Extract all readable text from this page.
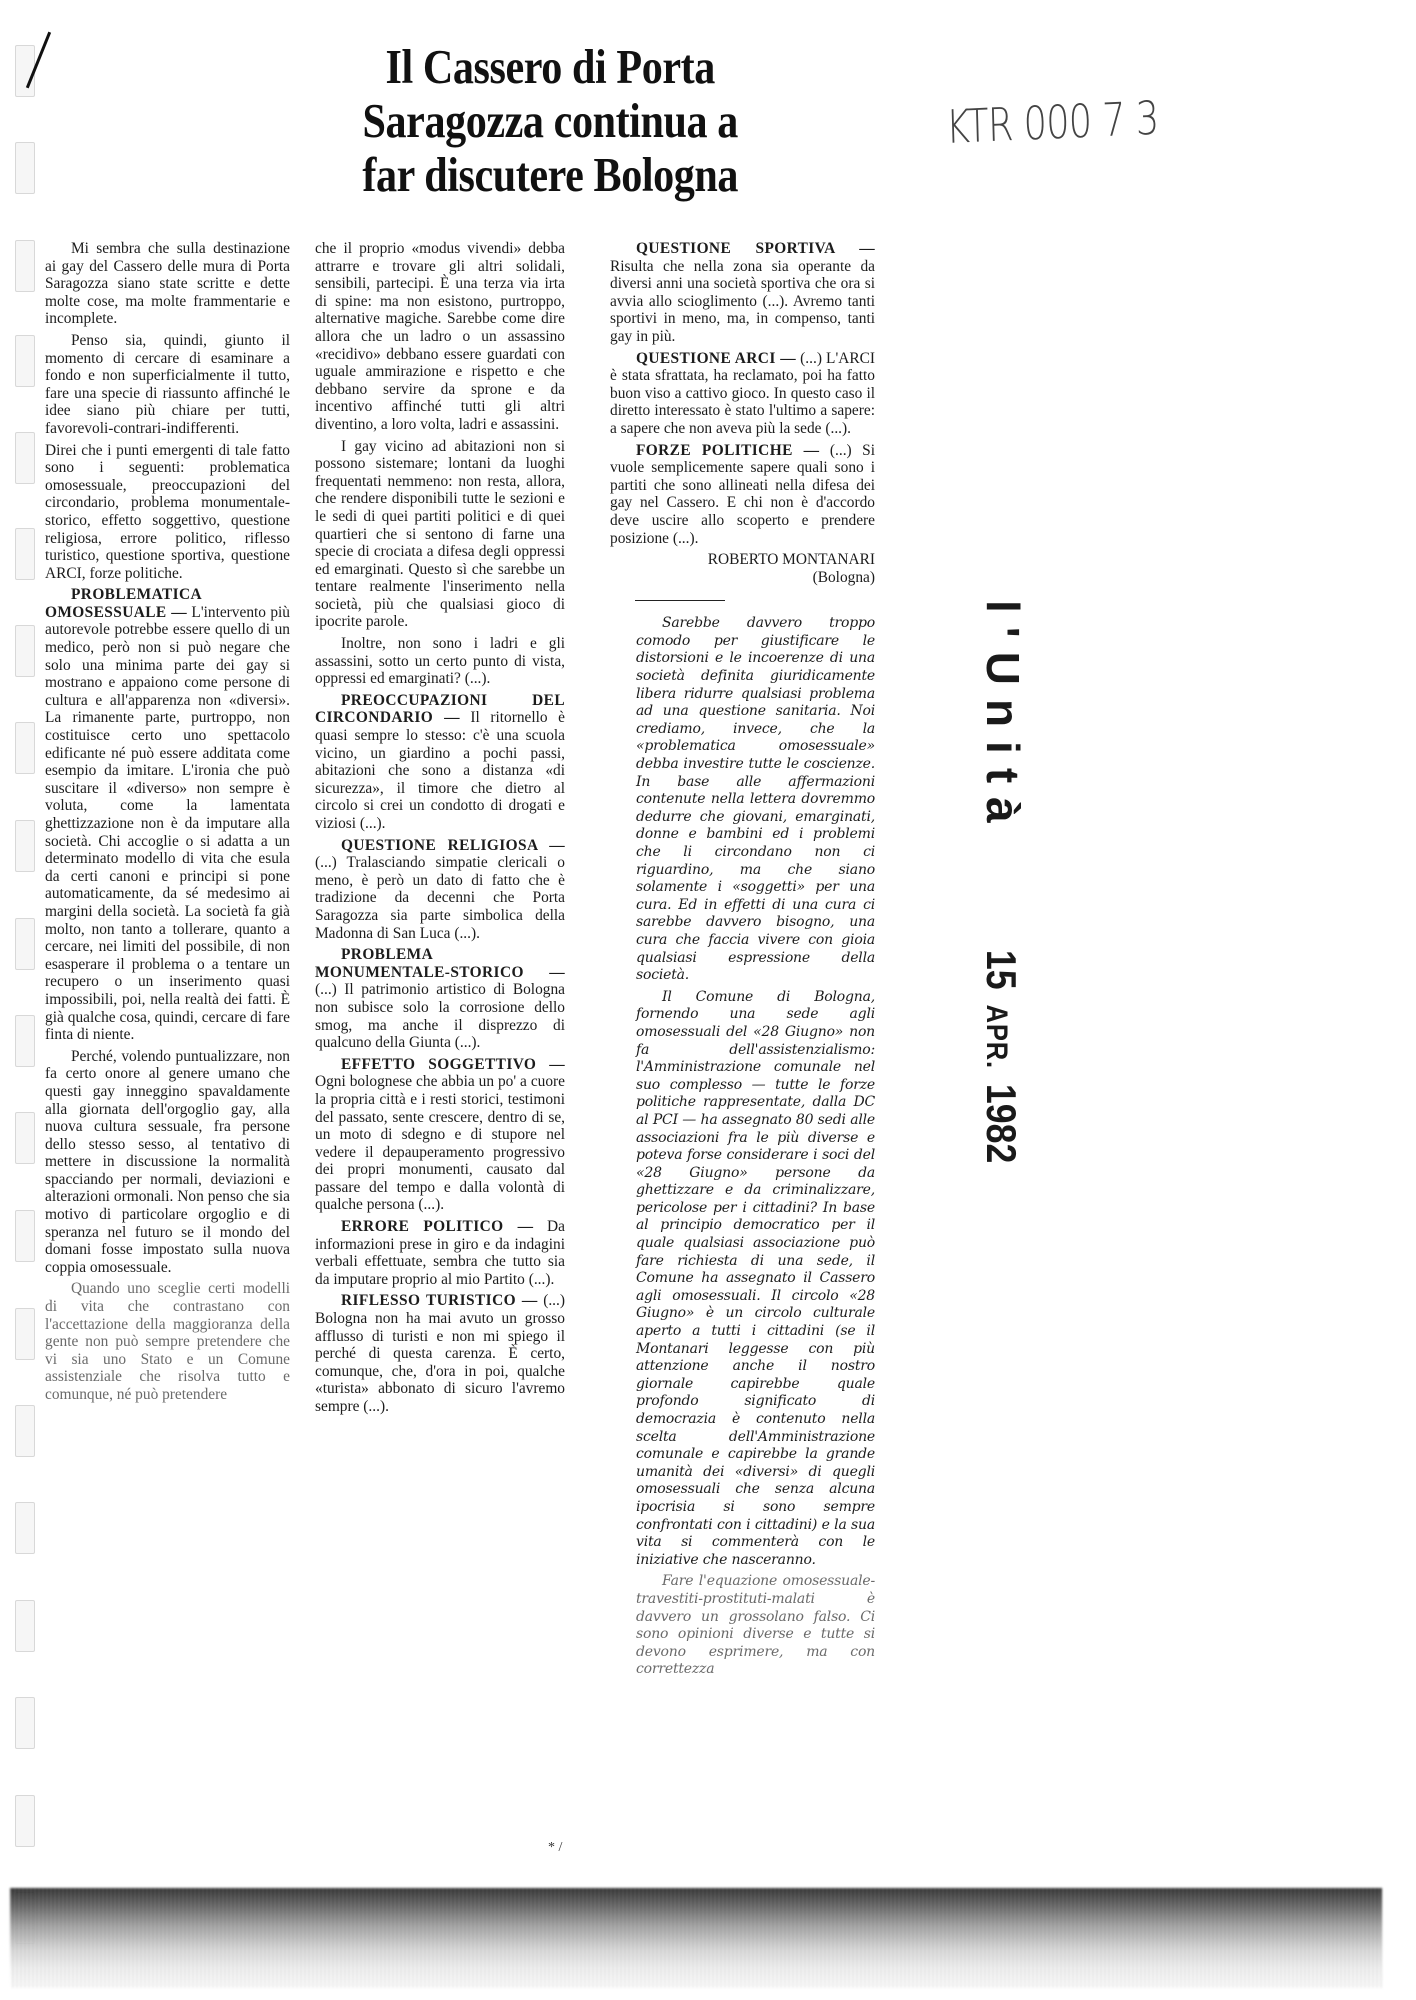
Il Cassero di Porta
Saragozza continua a
far discutere Bologna
KTR 000 7 3

Mi sembra che sulla destinazione ai gay del Cassero delle mura di Porta Saragozza siano state scritte e dette molte cose, ma molte frammentarie e incomplete.

Penso sia, quindi, giunto il momento di cercare di esaminare a fondo e non superficialmente il tutto, fare una specie di riassunto affinché le idee siano più chiare per tutti, favorevoli-contrari-indifferenti.

Direi che i punti emergenti di tale fatto sono i seguenti: problematica omosessuale, preoccupazioni del circondario, problema monumentale-storico, effetto soggettivo, questione religiosa, errore politico, riflesso turistico, questione sportiva, questione ARCI, forze politiche.

PROBLEMATICA OMOSESSUALE — L'intervento più autorevole potrebbe essere quello di un medico, però non si può negare che solo una minima parte dei gay si mostrano e appaiono come persone di cultura e all'apparenza non «diversi». La rimanente parte, purtroppo, non costituisce certo uno spettacolo edificante né può essere additata come esempio da imitare. L'ironia che può suscitare il «diverso» non sempre è voluta, come la lamentata ghettizzazione non è da imputare alla società. Chi accoglie o si adatta a un determinato modello di vita che esula da certi canoni e principi si pone automaticamente, da sé medesimo ai margini della società. La società fa già molto, non tanto a tollerare, quanto a cercare, nei limiti del possibile, di non esasperare il problema o a tentare un recupero o un inserimento quasi impossibili, poi, nella realtà dei fatti. È già qualche cosa, quindi, cercare di fare finta di niente.

Perché, volendo puntualizzare, non fa certo onore al genere umano che questi gay inneggino spavaldamente alla giornata dell'orgoglio gay, alla nuova cultura sessuale, fra persone dello stesso sesso, al tentativo di mettere in discussione la normalità spacciando per normali, deviazioni e alterazioni ormonali. Non penso che sia motivo di particolare orgoglio e di speranza nel futuro se il mondo del domani fosse impostato sulla nuova coppia omosessuale.

Quando uno sceglie certi modelli di vita che contrastano con l'accettazione della maggioranza della gente non può sempre pretendere che vi sia uno Stato e un Comune assistenziale che risolva tutto e comunque, né può pretendere

che il proprio «modus vivendi» debba attrarre e trovare gli altri solidali, sensibili, partecipi. È una terza via irta di spine: ma non esistono, purtroppo, alternative magiche. Sarebbe come dire allora che un ladro o un assassino «recidivo» debbano essere guardati con uguale ammirazione e rispetto e che debbano servire da sprone e da incentivo affinché tutti gli altri diventino, a loro volta, ladri e assassini.

I gay vicino ad abitazioni non si possono sistemare; lontani da luoghi frequentati nemmeno: non resta, allora, che rendere disponibili tutte le sezioni e le sedi di quei partiti politici e di quei quartieri che si sentono di farne una specie di crociata a difesa degli oppressi ed emarginati. Questo sì che sarebbe un tentare realmente l'inserimento nella società, più che qualsiasi gioco di ipocrite parole.

Inoltre, non sono i ladri e gli assassini, sotto un certo punto di vista, oppressi ed emarginati? (...).

PREOCCUPAZIONI DEL CIRCONDARIO — Il ritornello è quasi sempre lo stesso: c'è una scuola vicino, un giardino a pochi passi, abitazioni che sono a distanza «di sicurezza», il timore che dietro al circolo si crei un condotto di drogati e viziosi (...).

QUESTIONE RELIGIOSA — (...) Tralasciando simpatie clericali o meno, è però un dato di fatto che è tradizione da decenni che Porta Saragozza sia parte simbolica della Madonna di San Luca (...).

PROBLEMA MONUMENTALE-STORICO — (...) Il patrimonio artistico di Bologna non subisce solo la corrosione dello smog, ma anche il disprezzo di qualcuno della Giunta (...).

EFFETTO SOGGETTIVO — Ogni bolognese che abbia un po' a cuore la propria città e i resti storici, testimoni del passato, sente crescere, dentro di se, un moto di sdegno e di stupore nel vedere il depauperamento progressivo dei propri monumenti, causato dal passare del tempo e dalla volontà di qualche persona (...).

ERRORE POLITICO — Da informazioni prese in giro e da indagini verbali effettuate, sembra che tutto sia da imputare proprio al mio Partito (...).

RIFLESSO TURISTICO — (...) Bologna non ha mai avuto un grosso afflusso di turisti e non mi spiego il perché di questa carenza. È certo, comunque, che, d'ora in poi, qualche «turista» abbonato di sicuro l'avremo sempre (...).

QUESTIONE SPORTIVA — Risulta che nella zona sia operante da diversi anni una società sportiva che ora si avvia allo scioglimento (...). Avremo tanti sportivi in meno, ma, in compenso, tanti gay in più.

QUESTIONE ARCI — (...) L'ARCI è stata sfrattata, ha reclamato, poi ha fatto buon viso a cattivo gioco. In questo caso il diretto interessato è stato l'ultimo a sapere: a sapere che non aveva più la sede (...).

FORZE POLITICHE — (...) Si vuole semplicemente sapere quali sono i partiti che sono allineati nella difesa dei gay nel Cassero. E chi non è d'accordo deve uscire allo scoperto e prendere posizione (...).

ROBERTO MONTANARI
(Bologna)

Sarebbe davvero troppo comodo per giustificare le distorsioni e le incoerenze di una società definita giuridicamente libera ridurre qualsiasi problema ad una questione sanitaria. Noi crediamo, invece, che la «problematica omosessuale» debba investire tutte le coscienze. In base alle affermazioni contenute nella lettera dovremmo dedurre che giovani, emarginati, donne e bambini ed i problemi che li circondano non ci riguardino, ma che siano solamente i «soggetti» per una cura. Ed in effetti di una cura ci sarebbe davvero bisogno, una cura che faccia vivere con gioia qualsiasi espressione della società.

Il Comune di Bologna, fornendo una sede agli omosessuali del «28 Giugno» non fa dell'assistenzialismo: l'Amministrazione comunale nel suo complesso — tutte le forze politiche rappresentate, dalla DC al PCI — ha assegnato 80 sedi alle associazioni fra le più diverse e poteva forse considerare i soci del «28 Giugno» persone da ghettizzare e da criminalizzare, pericolose per i cittadini? In base al principio democratico per il quale qualsiasi associazione può fare richiesta di una sede, il Comune ha assegnato il Cassero agli omosessuali. Il circolo «28 Giugno» è un circolo culturale aperto a tutti i cittadini (se il Montanari leggesse con più attenzione anche il nostro giornale capirebbe quale profondo significato di democrazia è contenuto nella scelta dell'Amministrazione comunale e capirebbe la grande umanità dei «diversi» di quegli omosessuali che senza alcuna ipocrisia si sono sempre confrontati con i cittadini) e la sua vita si commenterà con le iniziative che nasceranno.

Fare l'equazione omosessuale-travestiti-prostituti-malati è davvero un grossolano falso. Ci sono opinioni diverse e tutte si devono esprimere, ma con correttezza

l'Unità 15 APR. 1982
* /
